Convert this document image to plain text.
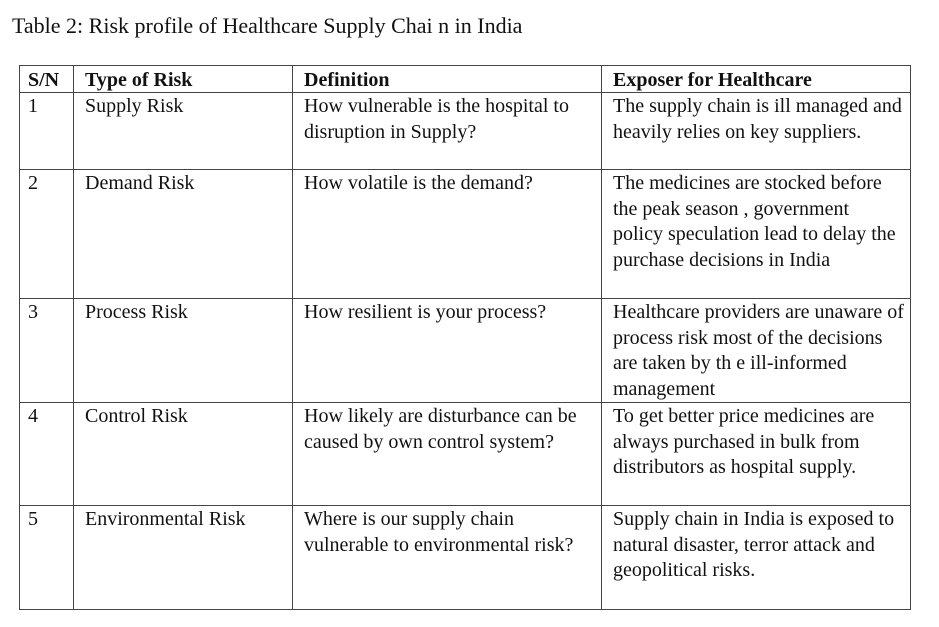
Table 2: Risk profile of Healthcare Supply Chai n in India
S/N	Type of Risk	Definition	Exposer for Healthcare
1	Supply Risk	How vulnerable is the hospital to disruption in Supply?	The supply chain is ill managed and heavily relies on key suppliers.
2	Demand Risk	How volatile is the demand?	The medicines are stocked before the peak season , government policy speculation lead to delay the purchase decisions in India
3	Process Risk	How resilient is your process?	Healthcare providers are unaware of process risk most of the decisions are taken by th e ill-informed management
4	Control Risk	How likely are disturbance can be caused by own control system?	To get better price medicines are always purchased in bulk from distributors as hospital supply.
5	Environmental Risk	Where is our supply chain vulnerable to environmental risk?	Supply chain in India is exposed to natural disaster, terror attack and geopolitical risks.
